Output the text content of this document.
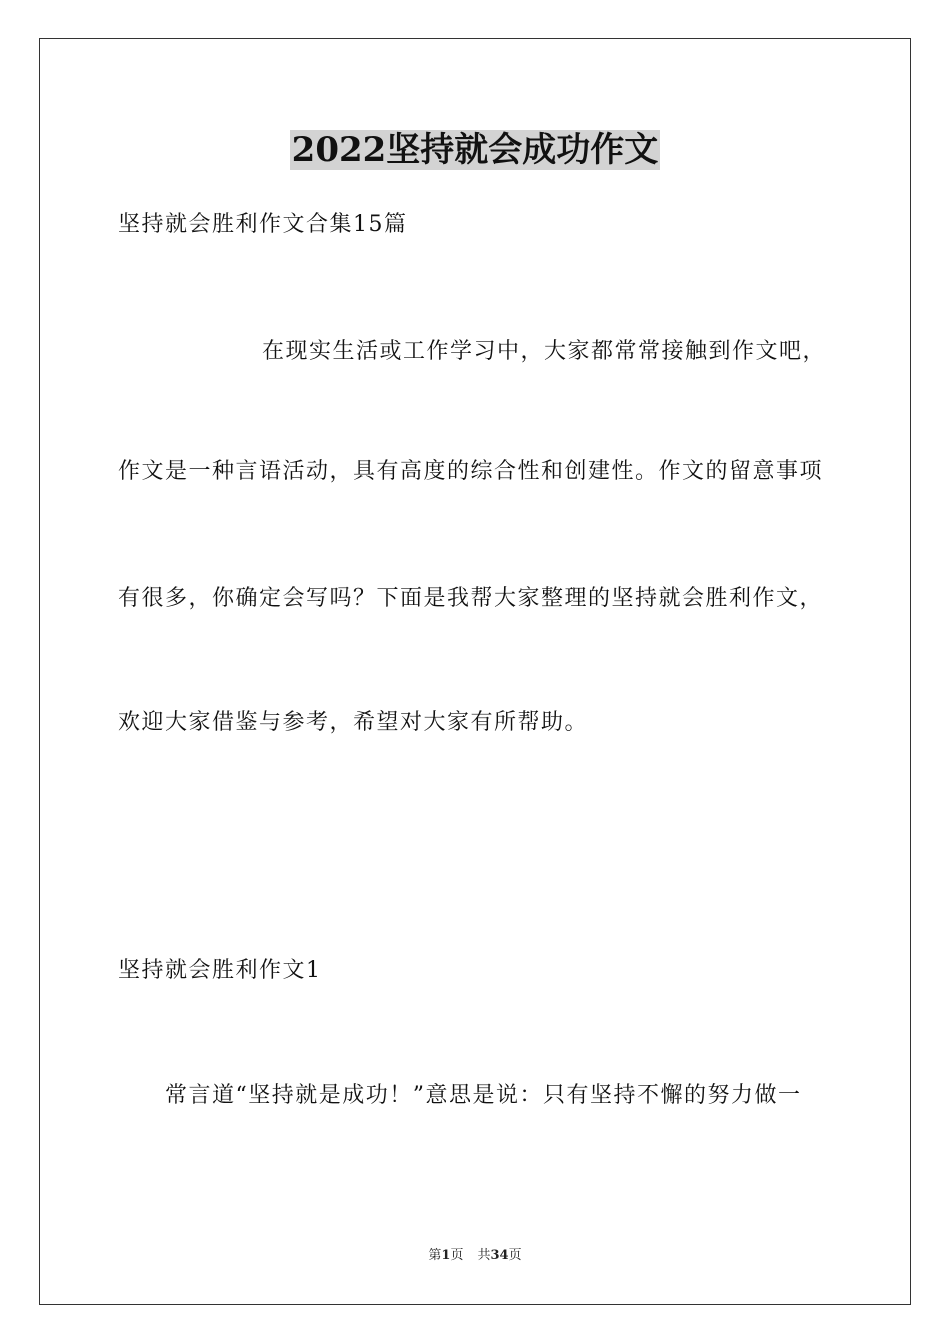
2022坚持就会成功作文

坚持就会胜利作文合集15篇

在现实生活或工作学习中，大家都常常接触到作文吧，

作文是一种言语活动，具有高度的综合性和创建性。作文的留意事项

有很多，你确定会写吗？下面是我帮大家整理的坚持就会胜利作文，

欢迎大家借鉴与参考，希望对大家有所帮助。

坚持就会胜利作文1

常言道“坚持就是成功！”意思是说：只有坚持不懈的努力做一

第1页 共34页
